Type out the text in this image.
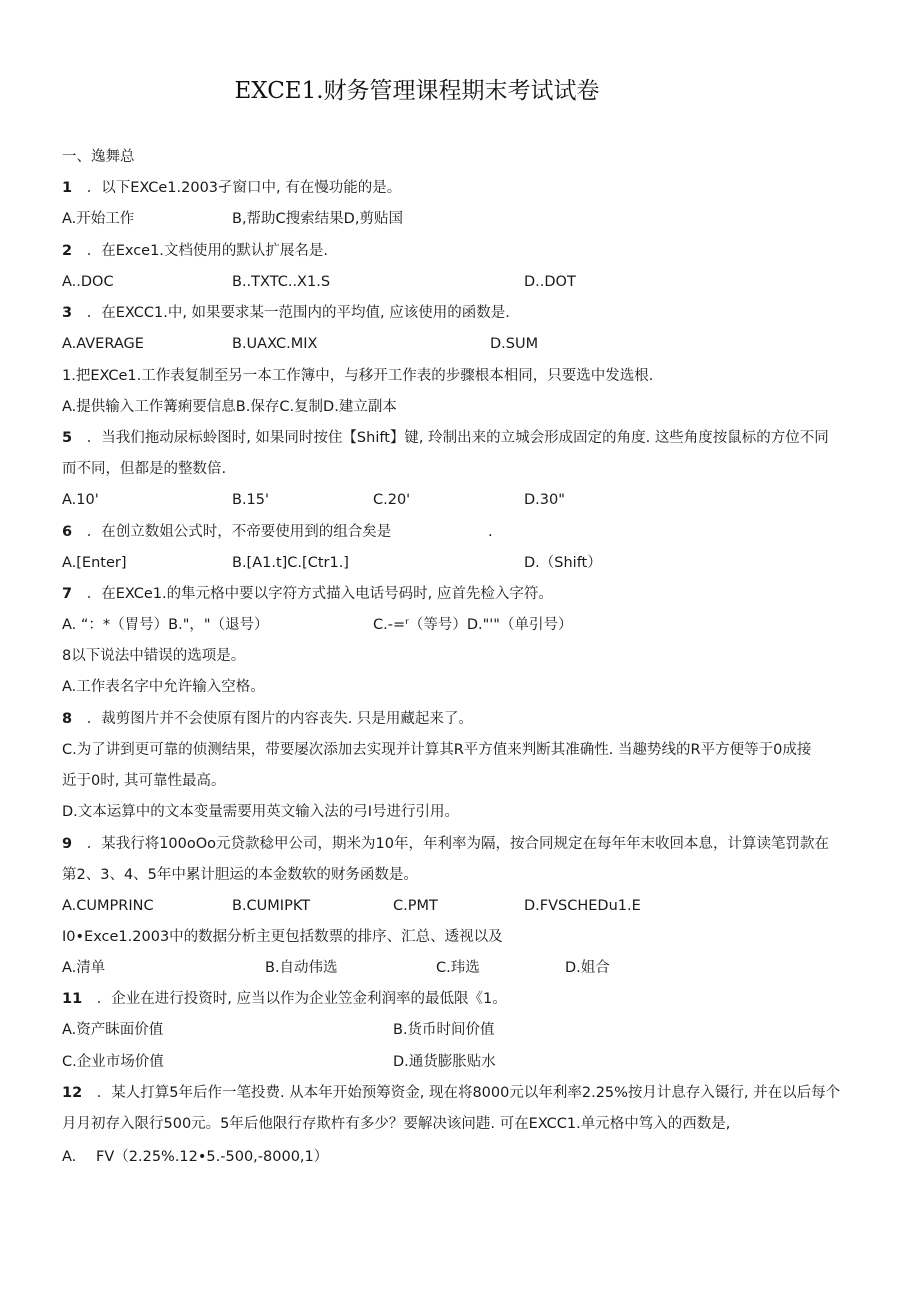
EXCE1.财务管理课程期末考试试卷
一、逸舞总
1 ．以下EXCe1.2003孑窗口中, 有在慢功能的是。
A.开始工作	B,帮助C搜索结果D,剪贴国
2 ．在Exce1.文档使用的默认扩展名是.
A..DOC	B..TXTC..X1.S	D..DOT
3 ．在EXCC1.中, 如果要求某一范围内的平均值, 应该使用的函数是.
A.AVERAGE	B.UAXC.MIX	D.SUM
1.把EXCe1.工作表复制至另一本工作簿中，与移开工作表的步骤根本相同，只要选中发选根.
A.提供输入工作篝痢要信息B.保存C.复制D.建立副本
5 ．当我们拖动尿标蛉图时, 如果同时按住【Shift】键, 玲制出来的立城会形成固定的角度. 这些角度按鼠标的方位不同
而不同，但都是的整数倍.
A.10'	B.15'	C.20'	D.30"
6 ．在创立数姐公式时，不帝要使用到的组合矣是	.
A.[Enter]	B.[A1.t]C.[Ctr1.]	D.（Shift）
7 ．在EXCe1.的隼元格中要以字符方式描入电话号码时, 应首先检入字符。
A. “：*（胃号）B."，"（退号）	C.-=ʳ（等号）D."'"（单引号）
8以下说法中错误的选项是。
A.工作表名字中允许输入空格。
8 ．裁剪图片并不会使原有图片的内容丧失. 只是用藏起来了。
C.为了讲到更可靠的侦测结果，带要屡次添加去实现并计算其R平方值来判断其准确性. 当趣势线的R平方便等于0成接
近于0时, 其可靠性最高。
D.文本运算中的文本变量需要用英文输入法的弓I号进行引用。
9 ．某我行将100oOo元贷款稔甲公司，期米为10年，年利率为隔，按合同规定在每年年末收回本息，计算读笔罚款在
第2、3、4、5年中累计胆运的本金数软的财务函数是。
A.CUMPRINC	B.CUMIPKT	C.PMT	D.FVSCHEDu1.E
I0•Exce1.2003中的数据分析主更包括数票的排序、汇总、透视以及
A.清单	B.自动伟选	C.玮选	D.姐合
11 ．企业在进行投资时, 应当以作为企业笠金利润率的最低限《1。
A.资产眛面价值	B.货币时间价值
C.企业市场价值	D.通货膨胀贴水
12 ．某人打算5年后作一笔投费. 从本年开始预筹资金, 现在将8000元以年利率2.25%按月计息存入镊行, 并在以后每个
月月初存入限行500元。5年后他限行存欺杵有多少？要解决该问韪. 可在EXCC1.单元格中笃入的西数是,
A. FV（2.25%.12•5.-500,-8000,1）
